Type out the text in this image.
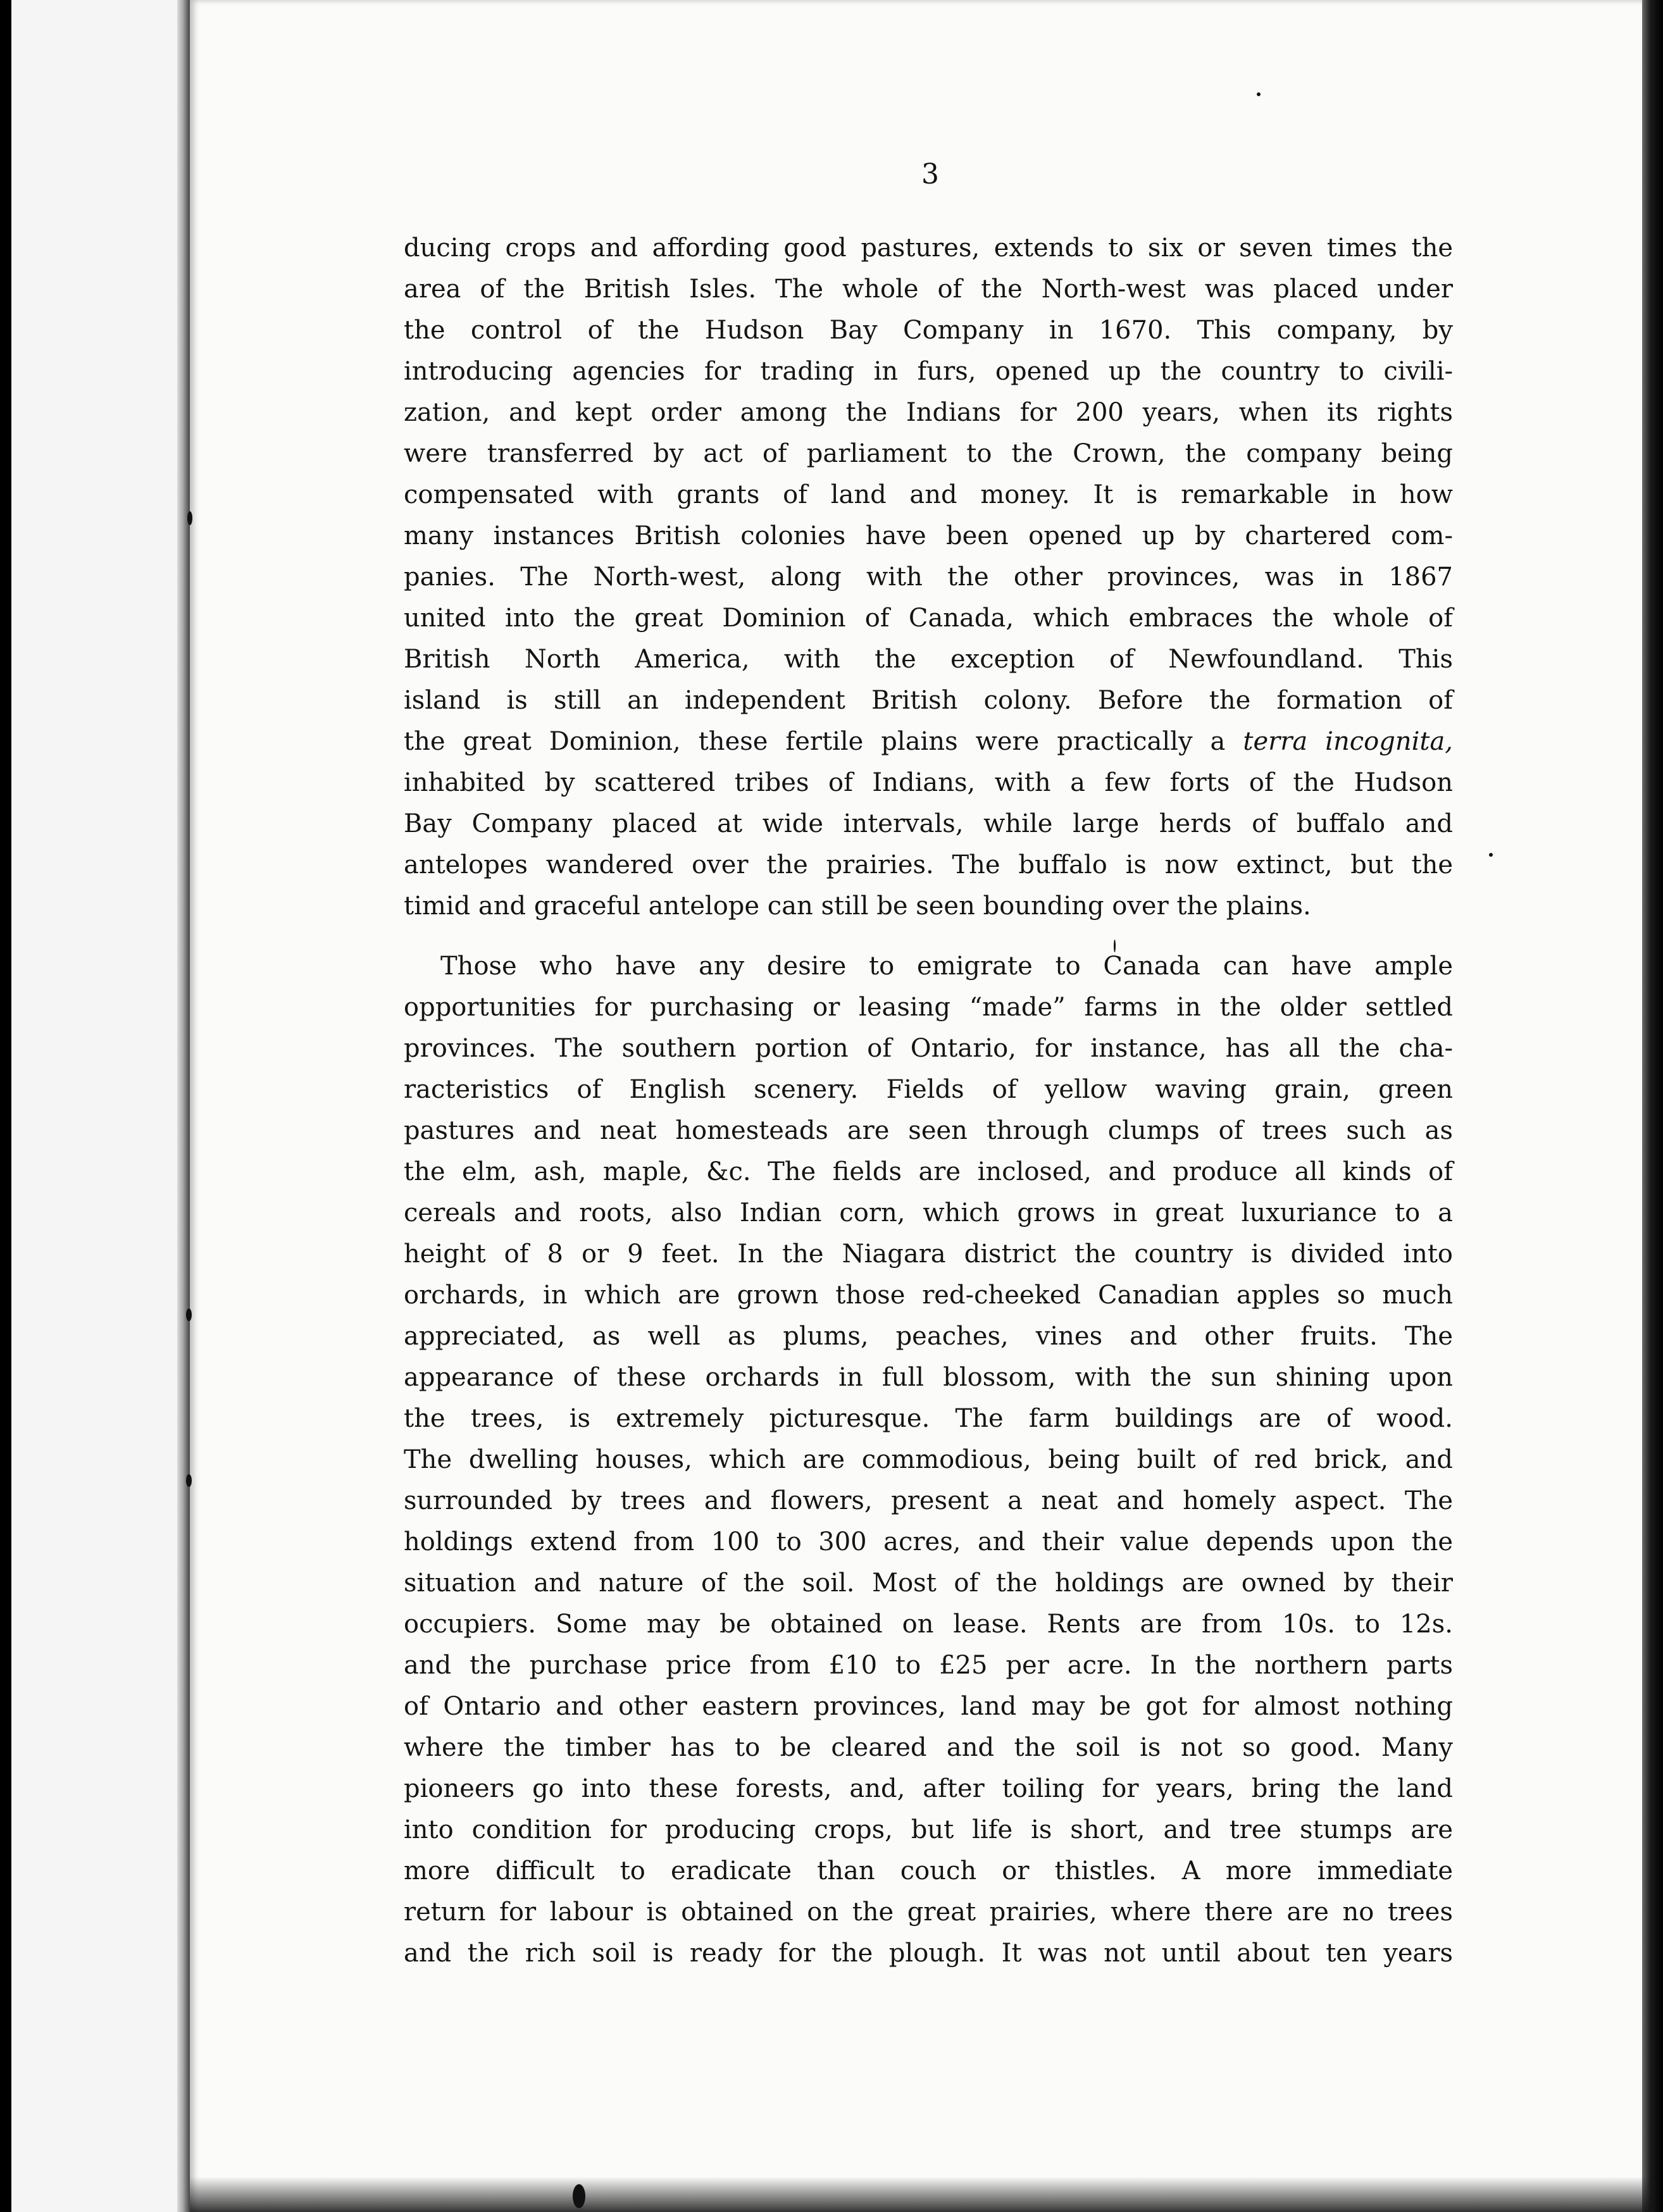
3
ducing crops and affording good pastures, extends to six or seven times the
area of the British Isles. The whole of the North-west was placed under
the control of the Hudson Bay Company in 1670. This company, by
introducing agencies for trading in furs, opened up the country to civili-
zation, and kept order among the Indians for 200 years, when its rights
were transferred by act of parliament to the Crown, the company being
compensated with grants of land and money. It is remarkable in how
many instances British colonies have been opened up by chartered com-
panies. The North-west, along with the other provinces, was in 1867
united into the great Dominion of Canada, which embraces the whole of
British North America, with the exception of Newfoundland. This
island is still an independent British colony. Before the formation of
the great Dominion, these fertile plains were practically a terra incognita,
inhabited by scattered tribes of Indians, with a few forts of the Hudson
Bay Company placed at wide intervals, while large herds of buffalo and
antelopes wandered over the prairies. The buffalo is now extinct, but the
timid and graceful antelope can still be seen bounding over the plains.
Those who have any desire to emigrate to Canada can have ample
opportunities for purchasing or leasing “made” farms in the older settled
provinces. The southern portion of Ontario, for instance, has all the cha-
racteristics of English scenery. Fields of yellow waving grain, green
pastures and neat homesteads are seen through clumps of trees such as
the elm, ash, maple, &c. The fields are inclosed, and produce all kinds of
cereals and roots, also Indian corn, which grows in great luxuriance to a
height of 8 or 9 feet. In the Niagara district the country is divided into
orchards, in which are grown those red-cheeked Canadian apples so much
appreciated, as well as plums, peaches, vines and other fruits. The
appearance of these orchards in full blossom, with the sun shining upon
the trees, is extremely picturesque. The farm buildings are of wood.
The dwelling houses, which are commodious, being built of red brick, and
surrounded by trees and flowers, present a neat and homely aspect. The
holdings extend from 100 to 300 acres, and their value depends upon the
situation and nature of the soil. Most of the holdings are owned by their
occupiers. Some may be obtained on lease. Rents are from 10s. to 12s.
and the purchase price from £10 to £25 per acre. In the northern parts
of Ontario and other eastern provinces, land may be got for almost nothing
where the timber has to be cleared and the soil is not so good. Many
pioneers go into these forests, and, after toiling for years, bring the land
into condition for producing crops, but life is short, and tree stumps are
more difficult to eradicate than couch or thistles. A more immediate
return for labour is obtained on the great prairies, where there are no trees
and the rich soil is ready for the plough. It was not until about ten years
